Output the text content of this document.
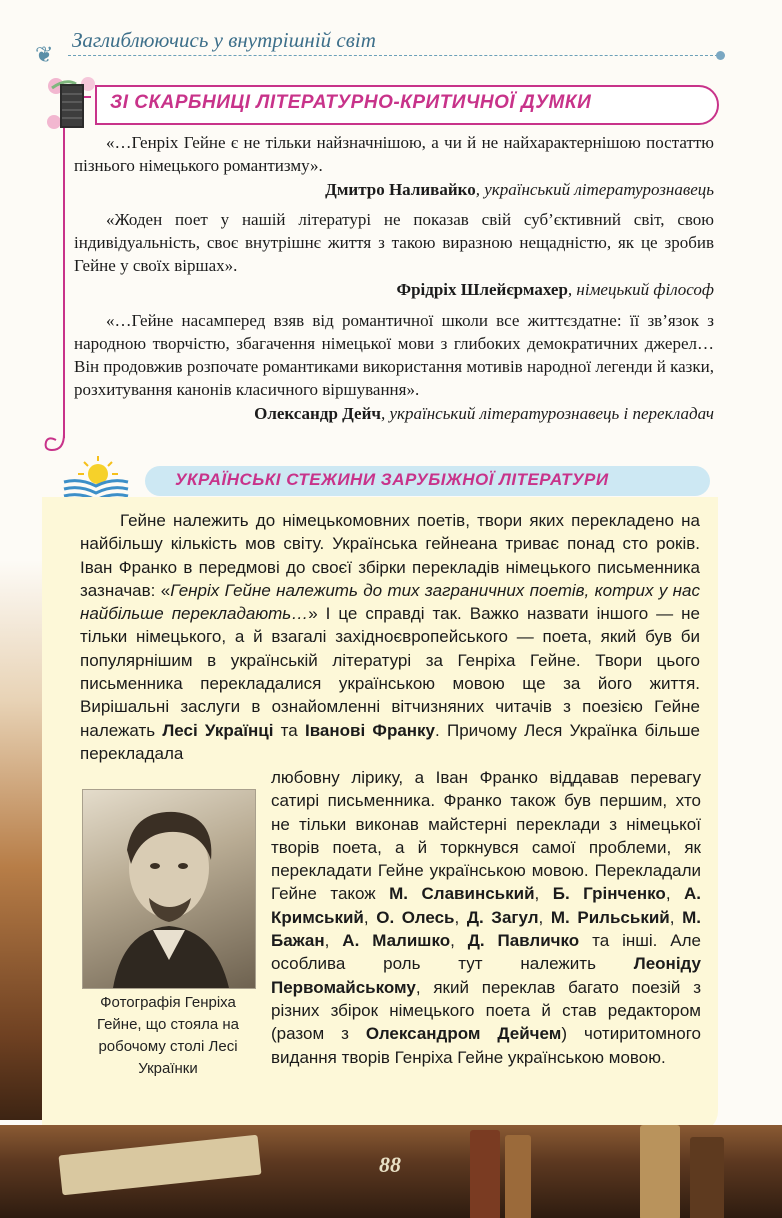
❦
Заглиблюючись у внутрішній світ
ЗІ СКАРБНИЦІ ЛІТЕРАТУРНО-КРИТИЧНОЇ ДУМКИ

«…Генріх Гейне є не тільки найзначнішою, а чи й не найхарактернішою постаттю пізнього німецького романтизму».

Дмитро Наливайко, український літературознавець

«Жоден поет у нашій літературі не показав свій суб’єктивний світ, свою індивідуальність, своє внутрішнє життя з такою виразною нещадністю, як це зробив Гейне у своїх віршах».

Фрідріх Шлейєрмахер, німецький філософ

«…Гейне насамперед взяв від романтичної школи все життєздатне: її зв’язок з народною творчістю, збагачення німецької мови з глибоких демократичних джерел… Він продовжив розпочате романтиками використання мотивів народної легенди й казки, розхитування канонів класичного віршування».

Олександр Дейч, український літературознавець і перекладач
УКРАЇНСЬКІ СТЕЖИНИ ЗАРУБІЖНОЇ ЛІТЕРАТУРИ

Гейне належить до німецькомовних поетів, твори яких перекладено на найбільшу кількість мов світу. Українська гейнеана триває понад сто років. Іван Франко в передмові до своєї збірки перекладів німецького письменника зазначав: «Генріх Гейне належить до тих заграничних поетів, котрих у нас найбільше перекладають…» І це справді так. Важко назвати іншого — не тільки німецького, а й взагалі західноєвропейського — поета, який був би популярнішим в українській літературі за Генріха Гейне. Твори цього письменника перекладалися українською мовою ще за його життя. Вирішальні заслуги в ознайомленні вітчизняних читачів з поезією Гейне належать Лесі Українці та Іванові Франку. Причому Леся Українка більше перекладала

Фотографія Генріха Гейне, що стояла на робочому столі Лесі Українки
любовну лірику, а Іван Франко віддавав перевагу сатирі письменника. Франко також був першим, хто не тільки виконав майстерні переклади з німецької творів поета, а й торкнувся самої проблеми, як перекладати Гейне українською мовою. Перекладали Гейне також М. Славинський, Б. Грінченко, А. Кримський, О. Олесь, Д. Загул, М. Рильський, М. Бажан, А. Малишко, Д. Павличко та інші. Але особлива роль тут належить Леоніду Первомайському, який переклав багато поезій з різних збірок німецького поета й став редактором (разом з Олександром Дейчем) чотиритомного видання творів Генріха Гейне українською мовою.
88
